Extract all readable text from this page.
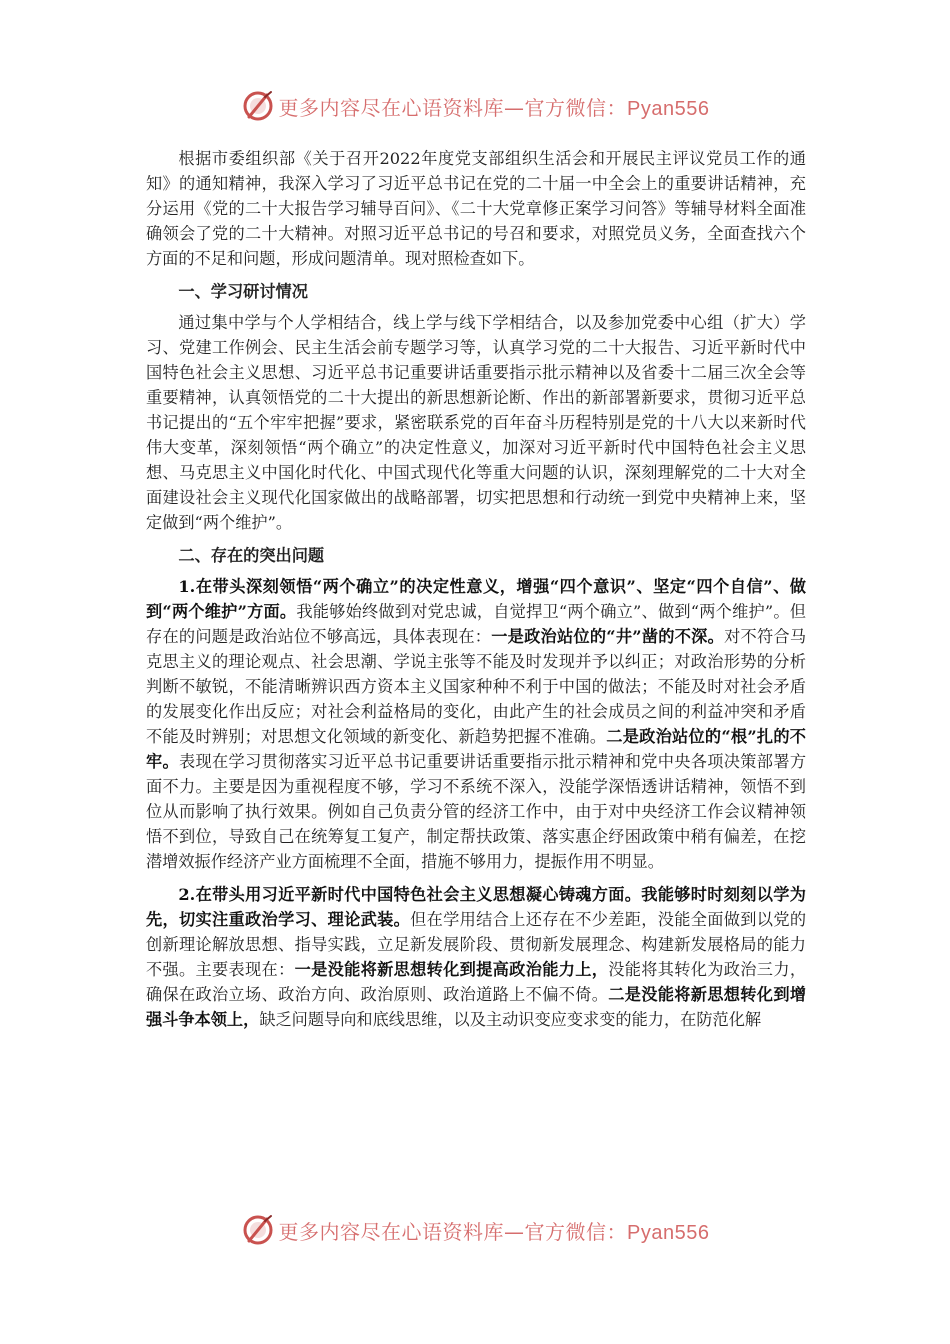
更多内容尽在心语资料库—官方微信：Pyan556

根据市委组织部《关于召开2022年度党支部组织生活会和开展民主评议党员工作的通知》的通知精神，我深入学习了习近平总书记在党的二十届一中全会上的重要讲话精神，充分运用《党的二十大报告学习辅导百问》、《二十大党章修正案学习问答》等辅导材料全面准确领会了党的二十大精神。对照习近平总书记的号召和要求，对照党员义务，全面查找六个方面的不足和问题，形成问题清单。现对照检查如下。

一、学习研讨情况

通过集中学与个人学相结合，线上学与线下学相结合，以及参加党委中心组（扩大）学习、党建工作例会、民主生活会前专题学习等，认真学习党的二十大报告、习近平新时代中国特色社会主义思想、习近平总书记重要讲话重要指示批示精神以及省委十二届三次全会等重要精神，认真领悟党的二十大提出的新思想新论断、作出的新部署新要求，贯彻习近平总书记提出的“五个牢牢把握”要求，紧密联系党的百年奋斗历程特别是党的十八大以来新时代伟大变革，深刻领悟“两个确立”的决定性意义，加深对习近平新时代中国特色社会主义思想、马克思主义中国化时代化、中国式现代化等重大问题的认识，深刻理解党的二十大对全面建设社会主义现代化国家做出的战略部署，切实把思想和行动统一到党中央精神上来，坚定做到“两个维护”。

二、存在的突出问题

1.在带头深刻领悟“两个确立”的决定性意义，增强“四个意识”、坚定“四个自信”、做到“两个维护”方面。我能够始终做到对党忠诚，自觉捍卫“两个确立”、做到“两个维护”。但存在的问题是政治站位不够高远，具体表现在：一是政治站位的“井”凿的不深。对不符合马克思主义的理论观点、社会思潮、学说主张等不能及时发现并予以纠正；对政治形势的分析判断不敏锐，不能清晰辨识西方资本主义国家种种不利于中国的做法；不能及时对社会矛盾的发展变化作出反应；对社会利益格局的变化，由此产生的社会成员之间的利益冲突和矛盾不能及时辨别；对思想文化领域的新变化、新趋势把握不准确。二是政治站位的“根”扎的不牢。表现在学习贯彻落实习近平总书记重要讲话重要指示批示精神和党中央各项决策部署方面不力。主要是因为重视程度不够，学习不系统不深入，没能学深悟透讲话精神，领悟不到位从而影响了执行效果。例如自己负责分管的经济工作中，由于对中央经济工作会议精神领悟不到位，导致自己在统筹复工复产，制定帮扶政策、落实惠企纾困政策中稍有偏差，在挖潜增效振作经济产业方面梳理不全面，措施不够用力，提振作用不明显。

2.在带头用习近平新时代中国特色社会主义思想凝心铸魂方面。我能够时时刻刻以学为先，切实注重政治学习、理论武装。但在学用结合上还存在不少差距，没能全面做到以党的创新理论解放思想、指导实践，立足新发展阶段、贯彻新发展理念、构建新发展格局的能力不强。主要表现在：一是没能将新思想转化到提高政治能力上，没能将其转化为政治三力，确保在政治立场、政治方向、政治原则、政治道路上不偏不倚。二是没能将新思想转化到增强斗争本领上，缺乏问题导向和底线思维，以及主动识变应变求变的能力，在防范化解

更多内容尽在心语资料库—官方微信：Pyan556
